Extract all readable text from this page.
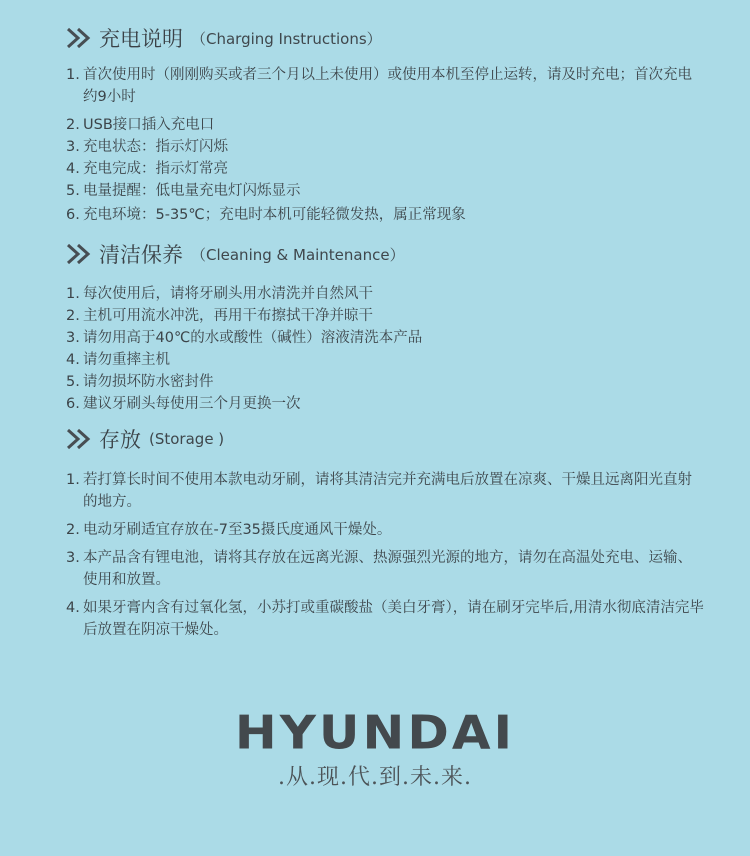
充电说明 （Charging Instructions）
1. 首次使用时（刚刚购买或者三个月以上未使用）或使用本机至停止运转，请及时充电；首次充电约9小时
2. USB接口插入充电口
3. 充电状态：指示灯闪烁
4. 充电完成：指示灯常亮
5. 电量提醒：低电量充电灯闪烁显示
6. 充电环境：5-35℃；充电时本机可能轻微发热，属正常现象
清洁保养 （Cleaning & Maintenance）
1. 每次使用后，请将牙刷头用水清洗并自然风干
2. 主机可用流水冲洗，再用干布擦拭干净并晾干
3. 请勿用高于40℃的水或酸性（碱性）溶液清洗本产品
4. 请勿重摔主机
5. 请勿损坏防水密封件
6. 建议牙刷头每使用三个月更换一次
存放 (Storage )
1. 若打算长时间不使用本款电动牙刷，请将其清洁完并充满电后放置在凉爽、干燥且远离阳光直射的地方。
2. 电动牙刷适宜存放在-7至35摄氏度通风干燥处。
3. 本产品含有锂电池，请将其存放在远离光源、热源强烈光源的地方，请勿在高温处充电、运输、使用和放置。
4. 如果牙膏内含有过氧化氢，小苏打或重碳酸盐（美白牙膏），请在刷牙完毕后,用清水彻底清洁完毕后放置在阴凉干燥处。
HYUNDAI
.从.现.代.到.未.来.
